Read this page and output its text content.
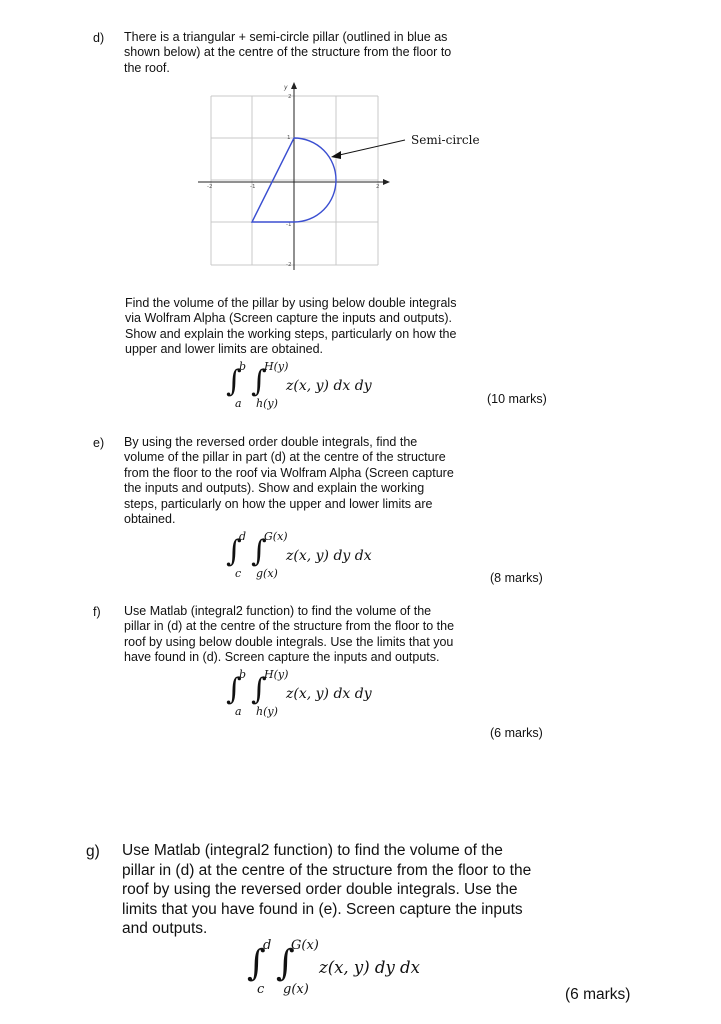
d) There is a triangular + semi-circle pillar (outlined in blue as
shown below) at the centre of the structure from the floor to
the roof.
y
2
1
-1
-2
-2	-1	2
Semi-circle
Find the volume of the pillar by using below double integrals
via Wolfram Alpha (Screen capture the inputs and outputs).
Show and explain the working steps, particularly on how the
upper and lower limits are obtained.
∫
b
a
∫
H(y)
h(y)
z(x, y) dx dy
(10 marks)
e) By using the reversed order double integrals, find the
volume of the pillar in part (d) at the centre of the structure
from the floor to the roof via Wolfram Alpha (Screen capture
the inputs and outputs). Show and explain the working
steps, particularly on how the upper and lower limits are
obtained.
∫
d
c
∫
G(x)
g(x)
z(x, y) dy dx
(8 marks)
f) Use Matlab (integral2 function) to find the volume of the
pillar in (d) at the centre of the structure from the floor to the
roof by using below double integrals. Use the limits that you
have found in (d). Screen capture the inputs and outputs.
∫
b
a
∫
H(y)
h(y)
z(x, y) dx dy
(6 marks)
g) Use Matlab (integral2 function) to find the volume of the
pillar in (d) at the centre of the structure from the floor to the
roof by using the reversed order double integrals. Use the
limits that you have found in (e). Screen capture the inputs
and outputs.
∫
d
c
∫
G(x)
g(x)
z(x, y) dy dx
(6 marks)
